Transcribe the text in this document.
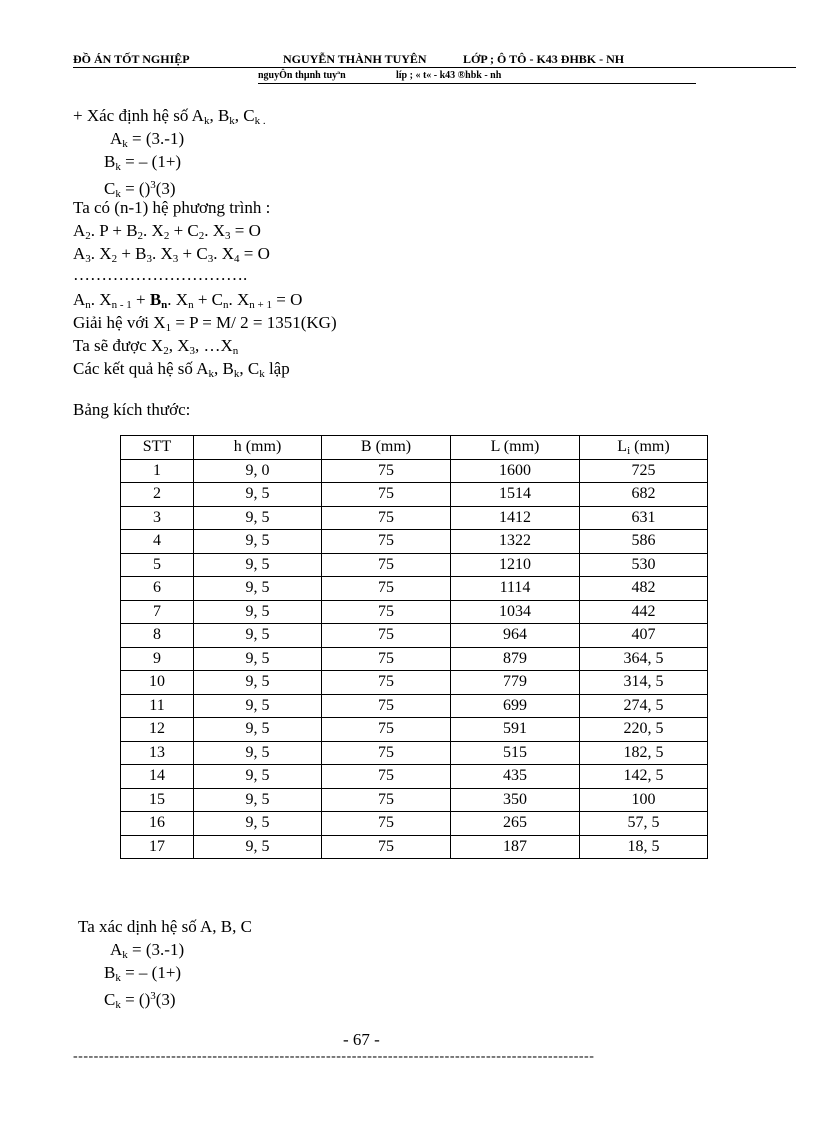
ĐỒ ÁN TỐT NGHIỆP	NGUYỄN THÀNH TUYÊN	LỚP ; Ô TÔ - K43 ĐHBK - NH
nguyÔn thµnh tuyªn	líp ; « t« - k43 ®hbk - nh
+ Xác định hệ số $A_k$, $B_k$, $C_{k .}$
$A_k = (3.-1)$
$B_k$ = – (1+)
$C_k = ()^3(3)$
Ta có (n-1) hệ phương trình :
$A_2$. $P + B_2$. $X_2 + C_2$. $X_3 = O$
$A_3$. $X_2 + B_3$. $X_3 + C_3$. $X_4 = O$
………………………….
$A_n$. $X_{n - 1} + B_n$. $X_n + C_n$. $X_{n + 1} = O$
Giải hệ với $X_1 = P = M/$ 2 = 1351(KG)
Ta sẽ được $X_2$, $X_3$, $\dots X_n$
Các kết quả hệ số $A_k$, $B_k$, $C_k$ lập
Bảng kích thước:
STT	h (mm)	B (mm)	L (mm)	$L_i$ (mm)
1	9, 0	75	1600	725
2	9, 5	75	1514	682
3	9, 5	75	1412	631
4	9, 5	75	1322	586
5	9, 5	75	1210	530
6	9, 5	75	1114	482
7	9, 5	75	1034	442
8	9, 5	75	964	407
9	9, 5	75	879	364, 5
10	9, 5	75	779	314, 5
11	9, 5	75	699	274, 5
12	9, 5	75	591	220, 5
13	9, 5	75	515	182, 5
14	9, 5	75	435	142, 5
15	9, 5	75	350	100
16	9, 5	75	265	57, 5
17	9, 5	75	187	18, 5
Ta xác dịnh hệ số A, B, C
$A_k = (3.-1)$
$B_k$ = – (1+)
$C_k = ()^3(3)$
- 67 -
-----------------------------------------------------------------------------------------------------
